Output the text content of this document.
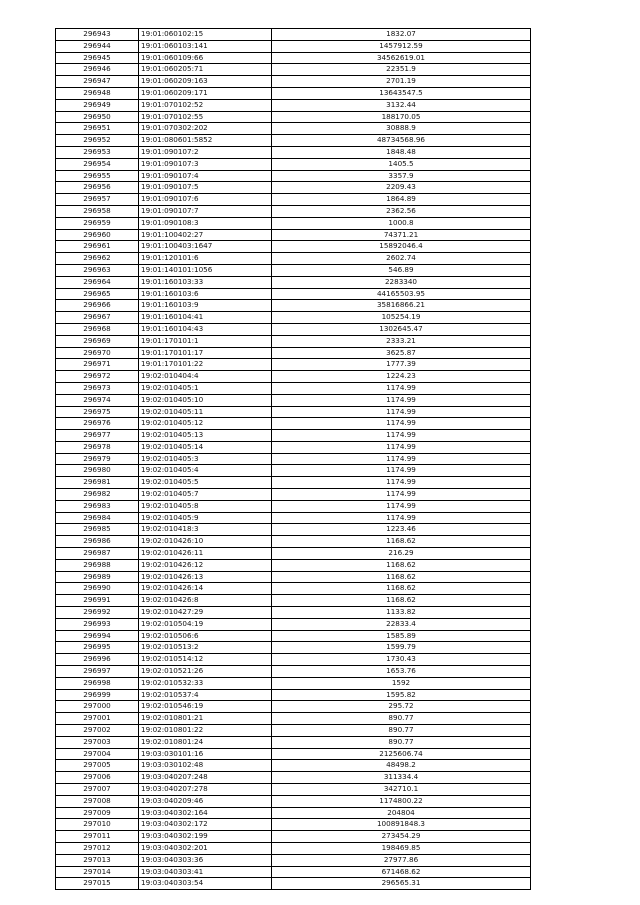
296943	19:01:060102:15	1832.07
296944	19:01:060103:141	1457912.59
296945	19:01:060109:66	34562619.01
296946	19:01:060205:71	22351.9
296947	19:01:060209:163	2701.19
296948	19:01:060209:171	13643547.5
296949	19:01:070102:52	3132.44
296950	19:01:070102:55	188170.05
296951	19:01:070302:202	30888.9
296952	19:01:080601:5852	48734568.96
296953	19:01:090107:2	1848.48
296954	19:01:090107:3	1405.5
296955	19:01:090107:4	3357.9
296956	19:01:090107:5	2209.43
296957	19:01:090107:6	1864.89
296958	19:01:090107:7	2362.56
296959	19:01:090108:3	1000.8
296960	19:01:100402:27	74371.21
296961	19:01:100403:1647	15892046.4
296962	19:01:120101:6	2602.74
296963	19:01:140101:1056	546.89
296964	19:01:160103:33	2283340
296965	19:01:160103:6	44165503.95
296966	19:01:160103:9	35816866.21
296967	19:01:160104:41	105254.19
296968	19:01:160104:43	1302645.47
296969	19:01:170101:1	2333.21
296970	19:01:170101:17	3625.87
296971	19:01:170101:22	1777.39
296972	19:02:010404:4	1224.23
296973	19:02:010405:1	1174.99
296974	19:02:010405:10	1174.99
296975	19:02:010405:11	1174.99
296976	19:02:010405:12	1174.99
296977	19:02:010405:13	1174.99
296978	19:02:010405:14	1174.99
296979	19:02:010405:3	1174.99
296980	19:02:010405:4	1174.99
296981	19:02:010405:5	1174.99
296982	19:02:010405:7	1174.99
296983	19:02:010405:8	1174.99
296984	19:02:010405:9	1174.99
296985	19:02:010418:3	1223.46
296986	19:02:010426:10	1168.62
296987	19:02:010426:11	216.29
296988	19:02:010426:12	1168.62
296989	19:02:010426:13	1168.62
296990	19:02:010426:14	1168.62
296991	19:02:010426:8	1168.62
296992	19:02:010427:29	1133.82
296993	19:02:010504:19	22833.4
296994	19:02:010506:6	1585.89
296995	19:02:010513:2	1599.79
296996	19:02:010514:12	1730.43
296997	19:02:010521:26	1653.76
296998	19:02:010532:33	1592
296999	19:02:010537:4	1595.82
297000	19:02:010546:19	295.72
297001	19:02:010801:21	890.77
297002	19:02:010801:22	890.77
297003	19:02:010801:24	890.77
297004	19:03:030101:16	2125606.74
297005	19:03:030102:48	48498.2
297006	19:03:040207:248	311334.4
297007	19:03:040207:278	342710.1
297008	19:03:040209:46	1174800.22
297009	19:03:040302:164	204804
297010	19:03:040302:172	100891848.3
297011	19:03:040302:199	273454.29
297012	19:03:040302:201	198469.85
297013	19:03:040303:36	27977.86
297014	19:03:040303:41	671468.62
297015	19:03:040303:54	296565.31
